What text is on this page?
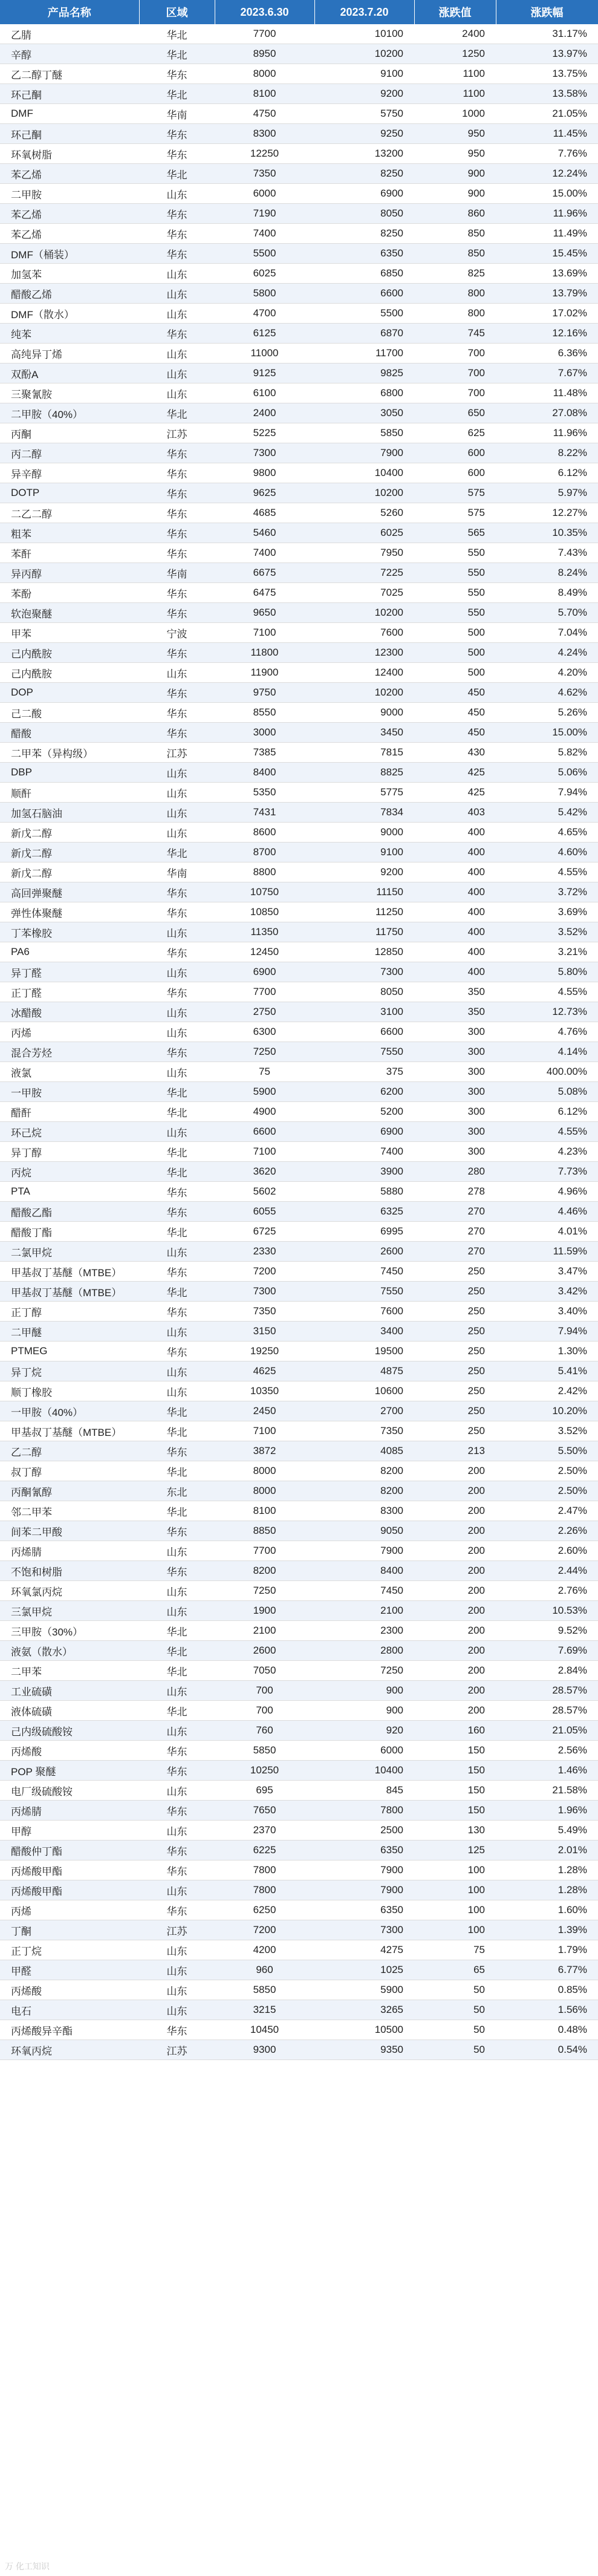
产品名称	区域	2023.6.30	2023.7.20	涨跌值	涨跌幅
乙腈	华北	7700	10100	2400	31.17%
辛醇	华北	8950	10200	1250	13.97%
乙二醇丁醚	华东	8000	9100	1100	13.75%
环己酮	华北	8100	9200	1100	13.58%
DMF	华南	4750	5750	1000	21.05%
环己酮	华东	8300	9250	950	11.45%
环氧树脂	华东	12250	13200	950	7.76%
苯乙烯	华北	7350	8250	900	12.24%
二甲胺	山东	6000	6900	900	15.00%
苯乙烯	华东	7190	8050	860	11.96%
苯乙烯	华东	7400	8250	850	11.49%
DMF（桶装）	华东	5500	6350	850	15.45%
加氢苯	山东	6025	6850	825	13.69%
醋酸乙烯	山东	5800	6600	800	13.79%
DMF（散水）	山东	4700	5500	800	17.02%
纯苯	华东	6125	6870	745	12.16%
高纯异丁烯	山东	11000	11700	700	6.36%
双酚A	山东	9125	9825	700	7.67%
三聚氰胺	山东	6100	6800	700	11.48%
二甲胺（40%）	华北	2400	3050	650	27.08%
丙酮	江苏	5225	5850	625	11.96%
丙二醇	华东	7300	7900	600	8.22%
异辛醇	华东	9800	10400	600	6.12%
DOTP	华东	9625	10200	575	5.97%
二乙二醇	华东	4685	5260	575	12.27%
粗苯	华东	5460	6025	565	10.35%
苯酐	华东	7400	7950	550	7.43%
异丙醇	华南	6675	7225	550	8.24%
苯酚	华东	6475	7025	550	8.49%
软泡聚醚	华东	9650	10200	550	5.70%
甲苯	宁波	7100	7600	500	7.04%
己内酰胺	华东	11800	12300	500	4.24%
己内酰胺	山东	11900	12400	500	4.20%
DOP	华东	9750	10200	450	4.62%
己二酸	华东	8550	9000	450	5.26%
醋酸	华东	3000	3450	450	15.00%
二甲苯（异构级）	江苏	7385	7815	430	5.82%
DBP	山东	8400	8825	425	5.06%
顺酐	山东	5350	5775	425	7.94%
加氢石脑油	山东	7431	7834	403	5.42%
新戊二醇	山东	8600	9000	400	4.65%
新戊二醇	华北	8700	9100	400	4.60%
新戊二醇	华南	8800	9200	400	4.55%
高回弹聚醚	华东	10750	11150	400	3.72%
弹性体聚醚	华东	10850	11250	400	3.69%
丁苯橡胶	山东	11350	11750	400	3.52%
PA6	华东	12450	12850	400	3.21%
异丁醛	山东	6900	7300	400	5.80%
正丁醛	华东	7700	8050	350	4.55%
冰醋酸	山东	2750	3100	350	12.73%
丙烯	山东	6300	6600	300	4.76%
混合芳烃	华东	7250	7550	300	4.14%
液氯	山东	75	375	300	400.00%
一甲胺	华北	5900	6200	300	5.08%
醋酐	华北	4900	5200	300	6.12%
环己烷	山东	6600	6900	300	4.55%
异丁醇	华北	7100	7400	300	4.23%
丙烷	华北	3620	3900	280	7.73%
PTA	华东	5602	5880	278	4.96%
醋酸乙酯	华东	6055	6325	270	4.46%
醋酸丁酯	华北	6725	6995	270	4.01%
二氯甲烷	山东	2330	2600	270	11.59%
甲基叔丁基醚（MTBE）	华东	7200	7450	250	3.47%
甲基叔丁基醚（MTBE）	华北	7300	7550	250	3.42%
正丁醇	华东	7350	7600	250	3.40%
二甲醚	山东	3150	3400	250	7.94%
PTMEG	华东	19250	19500	250	1.30%
异丁烷	山东	4625	4875	250	5.41%
顺丁橡胶	山东	10350	10600	250	2.42%
一甲胺（40%）	华北	2450	2700	250	10.20%
甲基叔丁基醚（MTBE）	华北	7100	7350	250	3.52%
乙二醇	华东	3872	4085	213	5.50%
叔丁醇	华北	8000	8200	200	2.50%
丙酮氰醇	东北	8000	8200	200	2.50%
邻二甲苯	华北	8100	8300	200	2.47%
间苯二甲酸	华东	8850	9050	200	2.26%
丙烯腈	山东	7700	7900	200	2.60%
不饱和树脂	华东	8200	8400	200	2.44%
环氧氯丙烷	山东	7250	7450	200	2.76%
三氯甲烷	山东	1900	2100	200	10.53%
三甲胺（30%）	华北	2100	2300	200	9.52%
液氨（散水）	华北	2600	2800	200	7.69%
二甲苯	华北	7050	7250	200	2.84%
工业硫磺	山东	700	900	200	28.57%
液体硫磺	华北	700	900	200	28.57%
己内级硫酸铵	山东	760	920	160	21.05%
丙烯酸	华东	5850	6000	150	2.56%
POP 聚醚	华东	10250	10400	150	1.46%
电厂级硫酸铵	山东	695	845	150	21.58%
丙烯腈	华东	7650	7800	150	1.96%
甲醇	山东	2370	2500	130	5.49%
醋酸仲丁酯	华东	6225	6350	125	2.01%
丙烯酸甲酯	华东	7800	7900	100	1.28%
丙烯酸甲酯	山东	7800	7900	100	1.28%
丙烯	华东	6250	6350	100	1.60%
丁酮	江苏	7200	7300	100	1.39%
正丁烷	山东	4200	4275	75	1.79%
甲醛	山东	960	1025	65	6.77%
丙烯酸	山东	5850	5900	50	0.85%
电石	山东	3215	3265	50	1.56%
丙烯酸异辛酯	华东	10450	10500	50	0.48%
环氧丙烷	江苏	9300	9350	50	0.54%
万 化工知识
